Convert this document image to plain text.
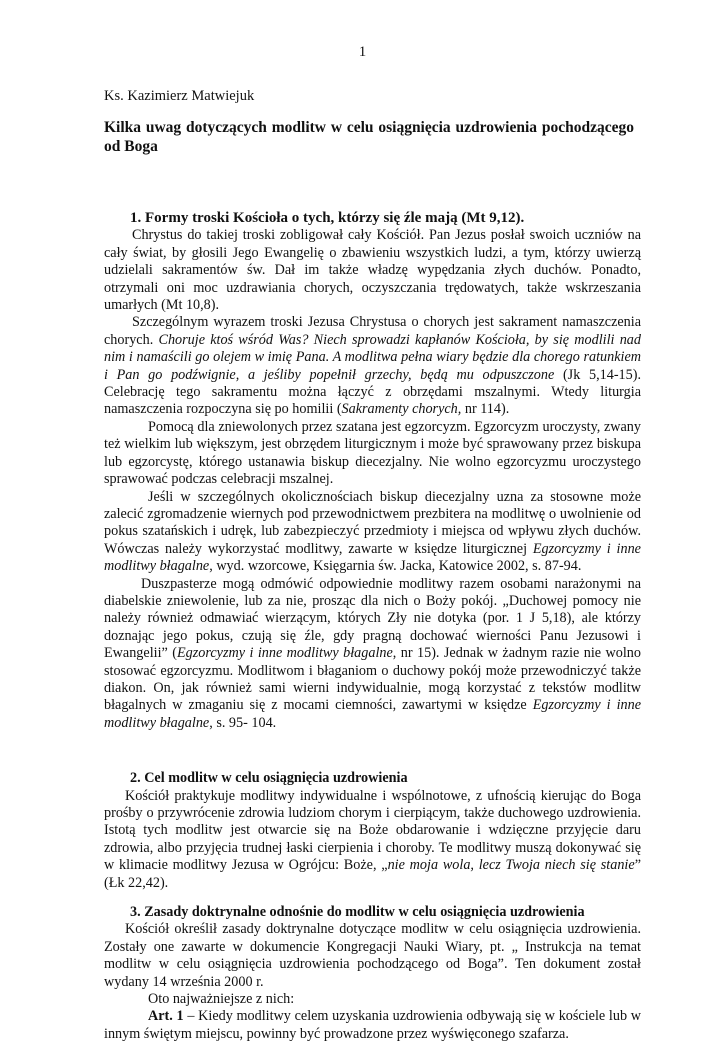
1
Ks. Kazimierz Matwiejuk
Kilka uwag dotyczących modlitw w celu osiągnięcia uzdrowienia pochodzącego od Boga
1. Formy troski Kościoła o tych, którzy się źle mają (Mt 9,12).

Chrystus do takiej troski zobligował cały Kościół. Pan Jezus posłał swoich uczniów na cały świat, by głosili Jego Ewangelię o zbawieniu wszystkich ludzi, a tym, którzy uwierzą udzielali sakramentów św. Dał im także władzę wypędzania złych duchów. Ponadto, otrzymali oni moc uzdrawiania chorych, oczyszczania trędowatych, także wskrzeszania umarłych (Mt 10,8).

Szczególnym wyrazem troski Jezusa Chrystusa o chorych jest sakrament namaszczenia chorych. Choruje ktoś wśród Was? Niech sprowadzi kapłanów Kościoła, by się modlili nad nim i namaścili go olejem w imię Pana. A modlitwa pełna wiary będzie dla chorego ratunkiem i Pan go podźwignie, a jeśliby popełnił grzechy, będą mu odpuszczone (Jk 5,14-15). Celebrację tego sakramentu można łączyć z obrzędami mszalnymi. Wtedy liturgia namaszczenia rozpoczyna się po homilii (Sakramenty chorych, nr 114).

Pomocą dla zniewolonych przez szatana jest egzorcyzm. Egzorcyzm uroczysty, zwany też wielkim lub większym, jest obrzędem liturgicznym i może być sprawowany przez biskupa lub egzorcystę, którego ustanawia biskup diecezjalny. Nie wolno egzorcyzmu uroczystego sprawować podczas celebracji mszalnej.

Jeśli w szczególnych okolicznościach biskup diecezjalny uzna za stosowne może zalecić zgromadzenie wiernych pod przewodnictwem prezbitera na modlitwę o uwolnienie od pokus szatańskich i udręk, lub zabezpieczyć przedmioty i miejsca od wpływu złych duchów. Wówczas należy wykorzystać modlitwy, zawarte w księdze liturgicznej Egzorcyzmy i inne modlitwy błagalne, wyd. wzorcowe, Księgarnia św. Jacka, Katowice 2002, s. 87-94.

Duszpasterze mogą odmówić odpowiednie modlitwy razem osobami narażonymi na diabelskie zniewolenie, lub za nie, prosząc dla nich o Boży pokój. „Duchowej pomocy nie należy również odmawiać wierzącym, których Zły nie dotyka (por. 1 J 5,18), ale którzy doznając jego pokus, czują się źle, gdy pragną dochować wierności Panu Jezusowi i Ewangelii” (Egzorcyzmy i inne modlitwy błagalne, nr 15). Jednak w żadnym razie nie wolno stosować egzorcyzmu. Modlitwom i błaganiom o duchowy pokój może przewodniczyć także diakon. On, jak również sami wierni indywidualnie, mogą korzystać z tekstów modlitw błagalnych w zmaganiu się z mocami ciemności, zawartymi w księdze Egzorcyzmy i inne modlitwy błagalne, s. 95- 104.

2. Cel modlitw w celu osiągnięcia uzdrowienia

Kościół praktykuje modlitwy indywidualne i wspólnotowe, z ufnością kierując do Boga prośby o przywrócenie zdrowia ludziom chorym i cierpiącym, także duchowego uzdrowienia. Istotą tych modlitw jest otwarcie się na Boże obdarowanie i wdzięczne przyjęcie daru zdrowia, albo przyjęcia trudnej łaski cierpienia i choroby. Te modlitwy muszą dokonywać się w klimacie modlitwy Jezusa w Ogrójcu: Boże, „nie moja wola, lecz Twoja niech się stanie” (Łk 22,42).

3. Zasady doktrynalne odnośnie do modlitw w celu osiągnięcia uzdrowienia

Kościół określił zasady doktrynalne dotyczące modlitw w celu osiągnięcia uzdrowienia. Zostały one zawarte w dokumencie Kongregacji Nauki Wiary, pt. „ Instrukcja na temat modlitw w celu osiągnięcia uzdrowienia pochodzącego od Boga”. Ten dokument został wydany 14 września 2000 r.

Oto najważniejsze z nich:

Art. 1 – Kiedy modlitwy celem uzyskania uzdrowienia odbywają się w kościele lub w innym świętym miejscu, powinny być prowadzone przez wyświęconego szafarza.
